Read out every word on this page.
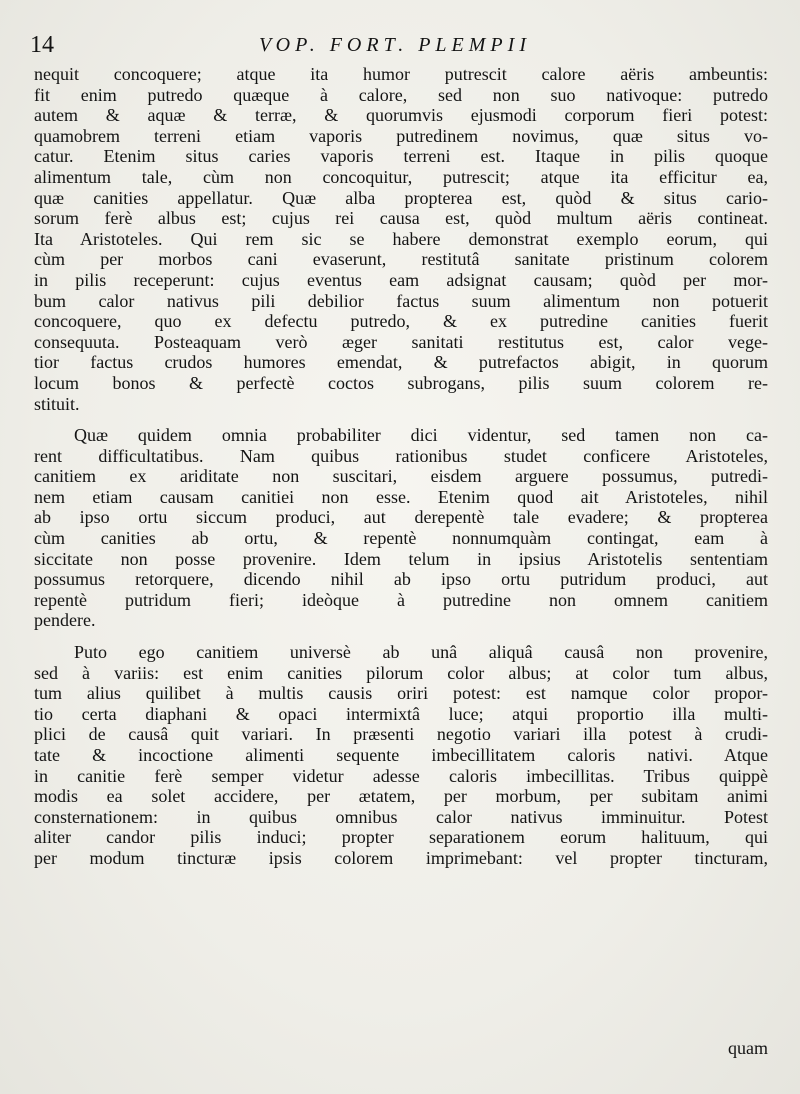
14	VOP. FORT. PLEMPII
nequit concoquere; atque ita humor putrescit calore aëris ambeuntis:
fit enim putredo quæque à calore, sed non suo nativoque: putredo
autem & aquæ & terræ, & quorumvis ejusmodi corporum fieri potest:
quamobrem terreni etiam vaporis putredinem novimus, quæ situs vo-
catur. Etenim situs caries vaporis terreni est. Itaque in pilis quoque
alimentum tale, cùm non concoquitur, putrescit; atque ita efficitur ea,
quæ canities appellatur. Quæ alba propterea est, quòd & situs cario-
sorum ferè albus est; cujus rei causa est, quòd multum aëris contineat.
Ita Aristoteles. Qui rem sic se habere demonstrat exemplo eorum, qui
cùm per morbos cani evaserunt, restitutâ sanitate pristinum colorem
in pilis receperunt: cujus eventus eam adsignat causam; quòd per mor-
bum calor nativus pili debilior factus suum alimentum non potuerit
concoquere, quo ex defectu putredo, & ex putredine canities fuerit
consequuta. Posteaquam verò æger sanitati restitutus est, calor vege-
tior factus crudos humores emendat, & putrefactos abigit, in quorum
locum bonos & perfectè coctos subrogans, pilis suum colorem re-
stituit.
Quæ quidem omnia probabiliter dici videntur, sed tamen non ca-
rent difficultatibus. Nam quibus rationibus studet conficere Aristoteles,
canitiem ex ariditate non suscitari, eisdem arguere possumus, putredi-
nem etiam causam canitiei non esse. Etenim quod ait Aristoteles, nihil
ab ipso ortu siccum produci, aut derepentè tale evadere; & propterea
cùm canities ab ortu, & repentè nonnumquàm contingat, eam à
siccitate non posse provenire. Idem telum in ipsius Aristotelis sententiam
possumus retorquere, dicendo nihil ab ipso ortu putridum produci, aut
repentè putridum fieri; ideòque à putredine non omnem canitiem
pendere.
Puto ego canitiem universè ab unâ aliquâ causâ non provenire,
sed à variis: est enim canities pilorum color albus; at color tum albus,
tum alius quilibet à multis causis oriri potest: est namque color propor-
tio certa diaphani & opaci intermixtâ luce; atqui proportio illa multi-
plici de causâ quit variari. In præsenti negotio variari illa potest à crudi-
tate & incoctione alimenti sequente imbecillitatem caloris nativi. Atque
in canitie ferè semper videtur adesse caloris imbecillitas. Tribus quippè
modis ea solet accidere, per ætatem, per morbum, per subitam animi
consternationem: in quibus omnibus calor nativus imminuitur. Potest
aliter candor pilis induci; propter separationem eorum halituum, qui
per modum tincturæ ipsis colorem imprimebant: vel propter tincturam,
quam
